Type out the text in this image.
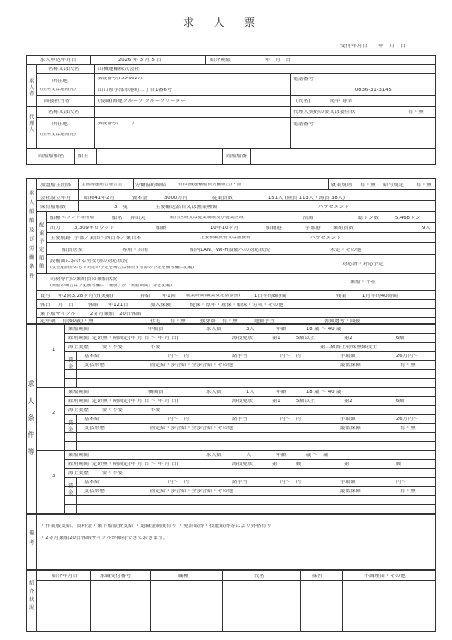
求 人 票
受付年月日 年　月　日
求人申込年月日	2026 年 3 月 5 日	紹介期限	年　月　日
求人者
名称又は氏名	山機運輸株式会社
所在地
(住所又は連絡先)
郵便番号(755-0027)
山口県宇部市港町二丁目1番6号
電話番号
0836-31-3145
面接担当者	(役職)海運グループ グループリーダー	(氏名)	尾中 尊幸
代理人
名称又は氏名	代理人契約の要又は委任状	有・無
所在地
(住所又は連絡先)
郵便番号(　　　)	電話番号
周船船舶名	船主	周船船番
求人船舶及び労働条件
加盟船主団体 全国海運組合連合会 労働協約締結	有(山機運輸船員労働組合)・無	就業規則 有・無 給与規定 有・無
会社設立年月 昭和41年2月	資本金	3000万円	従業員数	151人 (陸員 113人・海員 38人)
保有船舶数	3　隻	主要輸送品目又は漁業種類	パラセメント
配乗予定船舶
船種 セメント専用船	船名 昇山丸	航行区域又は従業制限及び従業区域	沿海	総トン数	5,468トン
出力	3,309キロワット	船齢	10年10ヶ月	船籍港	宇部港 乗組員数	9人
主要航路 宇部／苅田〜西日本／東日本	主要積載貨物又は漁獲物	バラセメント
船員居室	専用・共用	船内LAN、Wi-Fi設備への対応状況	未定・その他
設備面における男女別の対応状況
(女性船員がおらず対応の予定を場合は採用する際の予定を備考欄に記載)
対応済・対応予定
司厨専門の乗組員の乗船状況
(乗船の場合は下記備考欄に「兼厨」か「乗船期間」等を記載)
乗船・不在
賞与 年2回3.28ヶ月分(実績)	昇給 年1回 就業時間(職業安定法参照)	1日平均8時間	残業	1月平均40時間
休日 月　日	休暇 年121日	加入保険	健保・厚年・雇保・船保・労災・その他
乗下船サイクル	2ヵ月乗船　20日休暇
定年制 有(60歳)・無	社宅 有・無	独身寮 有・無	通勤手当	書類選考・面接
求人条件等
1
乗船期間	甲板員	求人数	3人	年齢	18 歳 〜 40 歳
雇用期間 定め無・期間定(年 月 日 〜 年 月 日)	海技免状	第1	5級以上	第2	6級
海上実歴	要・不要	不要	第二級海上特殊無線技士
賃金
基本給	円〜　円	諸手当	円〜　円	手取額	26万円〜
支払形態	固定給・歩合給・全歩合給・その他	最低保障	有・無
2
乗船期間	機関員	求人数	1人	年齢	18 歳 〜 40 歳
雇用期間 定め無・期間定(年 月 日 〜 年 月 日)	海技免状	第1	5級以上	第2	6級
海上実歴	要・不要	不要
賃金
基本給	円〜　円	諸手当	円〜　円	手取額	26万円〜
支払形態	固定給・歩合給・全歩合給・その他	最低保障	有・無
3
乗船期間	求人数	人	年齢	歳 〜　歳
雇用期間 定め無・期間定(年 月 日 〜 年 月 日)	海技免状	第	級	第	級
海上実歴	要・不要
賃金
基本給	円〜　円	諸手当	円〜　円	手取額	円〜
支払形態	固定給・歩合給・全歩合給・その他	最低保障	有・無
備考
・作業服支給、食料金・乗下船旅費支給 ・退職金制度有り ・免許取得・技能取得等により昇格有り
・2ヵ月乗船20日休暇サイクルが維持できておきます。
紹介状況
紹介年月日	求職受付番号	職種	氏名	採否	不調理由・その他
